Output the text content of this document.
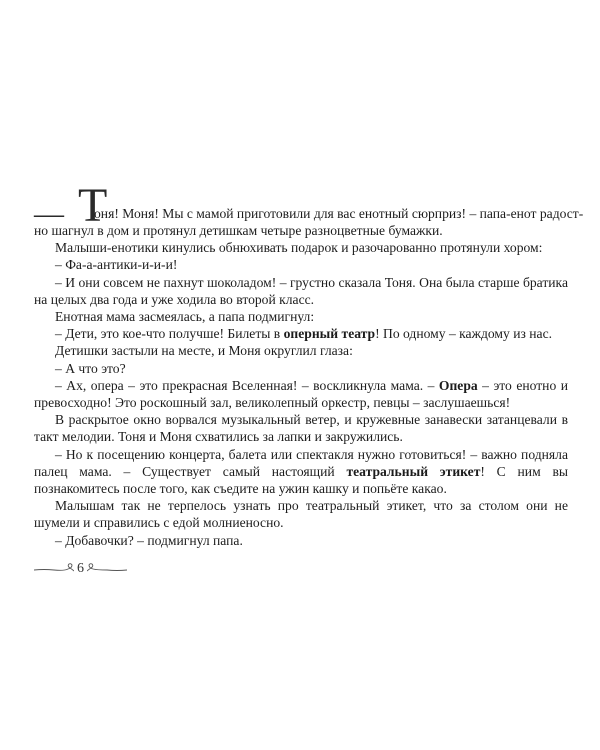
— Т
оня! Моня! Мы с мамой приготовили для вас енотный сюрприз! – папа-енот радост-

но шагнул в дом и протянул детишкам четыре разноцветные бумажки.

Малыши-енотики кинулись обнюхивать подарок и разочарованно протянули хором:

– Фа-а-антики-и-и-и!

– И они совсем не пахнут шоколадом! – грустно сказала Тоня. Она была старше братика на целых два года и уже ходила во второй класс.

Енотная мама засмеялась, а папа подмигнул:

– Дети, это кое-что получше! Билеты в оперный театр! По одному – каждому из нас.

Детишки застыли на месте, и Моня округлил глаза:

– А что это?

– Ах, опера – это прекрасная Вселенная! – воскликнула мама. – Опера – это енотно и превосходно! Это роскошный зал, великолепный оркестр, певцы – заслушаешься!

В раскрытое окно ворвался музыкальный ветер, и кружевные занавески затанцевали в такт мелодии. Тоня и Моня схватились за лапки и закружились.

– Но к посещению концерта, балета или спектакля нужно готовиться! – важно подняла палец мама. – Существует самый настоящий театральный этикет! С ним вы познакомитесь после того, как съедите на ужин кашку и попьёте какао.

Малышам так не терпелось узнать про театральный этикет, что за столом они не шумели и справились с едой молниеносно.

– Добавочки? – подмигнул папа.

6
